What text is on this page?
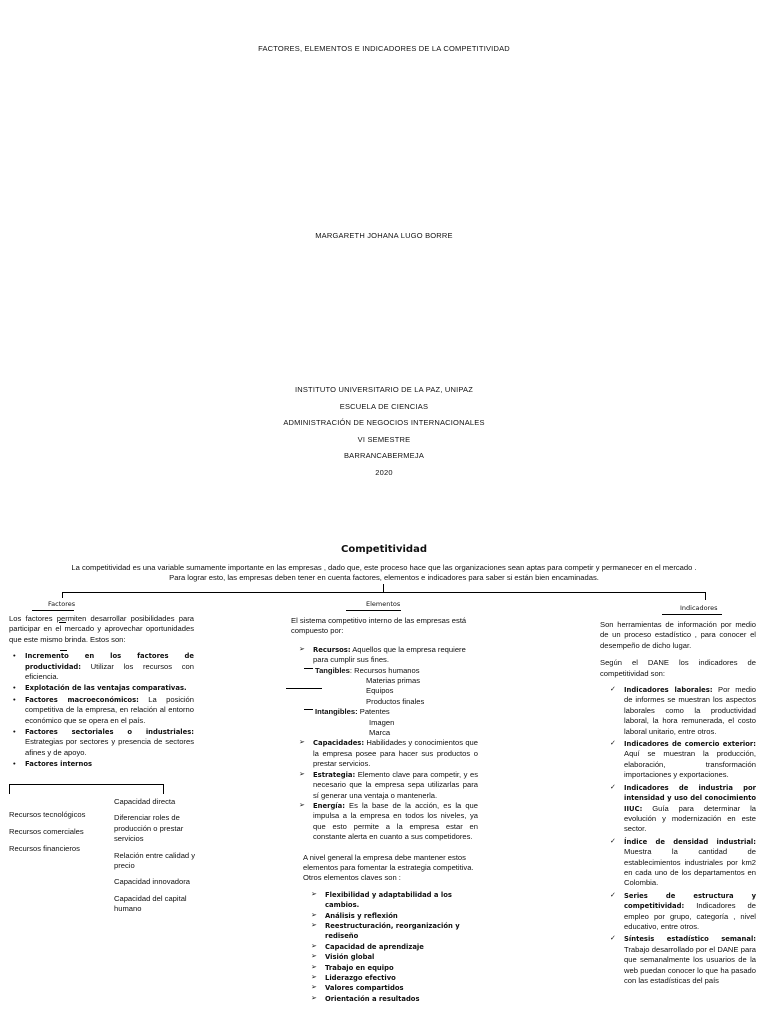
FACTORES, ELEMENTOS E INDICADORES DE LA COMPETITIVIDAD
MARGARETH JOHANA LUGO BORRE
INSTITUTO UNIVERSITARIO DE LA PAZ, UNIPAZ
ESCUELA DE CIENCIAS
ADMINISTRACIÓN DE NEGOCIOS INTERNACIONALES
VI SEMESTRE
BARRANCABERMEJA
2020
Competitividad
La competitividad es una variable sumamente importante en las empresas , dado que, este proceso hace que las organizaciones sean aptas para competir y permanecer en el mercado .
Para lograr esto, las empresas deben tener en cuenta factores, elementos e indicadores para saber si están bien encaminadas.
Factores	Elementos	Indicadores
Los factores permiten desarrollar posibilidades para participar en el mercado y aprovechar oportunidades que este mismo brinda. Estos son:
• Incremento en los factores de productividad: Utilizar los recursos con eficiencia.
• Explotación de las ventajas comparativas.
• Factores macroeconómicos: La posición competitiva de la empresa, en relación al entorno económico que se opera en el país.
• Factores sectoriales o industriales: Estrategias por sectores y presencia de sectores afines y de apoyo.
• Factores internos
Recursos tecnológicos
Recursos comerciales
Recursos financieros
Capacidad directa
Diferenciar roles de producción o prestar servicios
Relación entre calidad y precio
Capacidad innovadora
Capacidad del capital humano
El sistema competitivo interno de las empresas está compuesto por:
➢ Recursos: Aquellos que la empresa requiere para cumplir sus fines.
Tangibles: Recursos humanos
Materias primas
Equipos
Productos finales
Intangibles: Patentes
Imagen
Marca
➢ Capacidades: Habilidades y conocimientos que la empresa posee para hacer sus productos o prestar servicios.
➢ Estrategia: Elemento clave para competir, y es necesario que la empresa sepa utilizarlas para sí generar una ventaja o mantenerla.
➢ Energía: Es la base de la acción, es la que impulsa a la empresa en todos los niveles, ya que esto permite a la empresa estar en constante alerta en cuanto a sus competidores.
A nivel general la empresa debe mantener estos elementos para fomentar la estrategia competitiva. Otros elementos claves son :
➢ Flexibilidad y adaptabilidad a los cambios.
➢ Análisis y reflexión
➢ Reestructuración, reorganización y rediseño
➢ Capacidad de aprendizaje
➢ Visión global
➢ Trabajo en equipo
➢ Liderazgo efectivo
➢ Valores compartidos
➢ Orientación a resultados
Son herramientas de información por medio de un proceso estadístico , para conocer el desempeño de dicho lugar.
Según el DANE los indicadores de competitividad son:
✓ Indicadores laborales: Por medio de informes se muestran los aspectos laborales como la productividad laboral, la hora remunerada, el costo laboral unitario, entre otros.
✓ Indicadores de comercio exterior: Aquí se muestran la producción, elaboración, transformación importaciones y exportaciones.
✓ Indicadores de industria por intensidad y uso del conocimiento IIUC: Guía para determinar la evolución y modernización en este sector.
✓ Índice de densidad industrial: Muestra la cantidad de establecimientos industriales por km2 en cada uno de los departamentos en Colombia.
✓ Series de estructura y competitividad: Indicadores de empleo por grupo, categoría , nivel educativo, entre otros.
✓ Síntesis estadístico semanal: Trabajo desarrollado por el DANE para que semanalmente los usuarios de la web puedan conocer lo que ha pasado con las estadísticas del país
